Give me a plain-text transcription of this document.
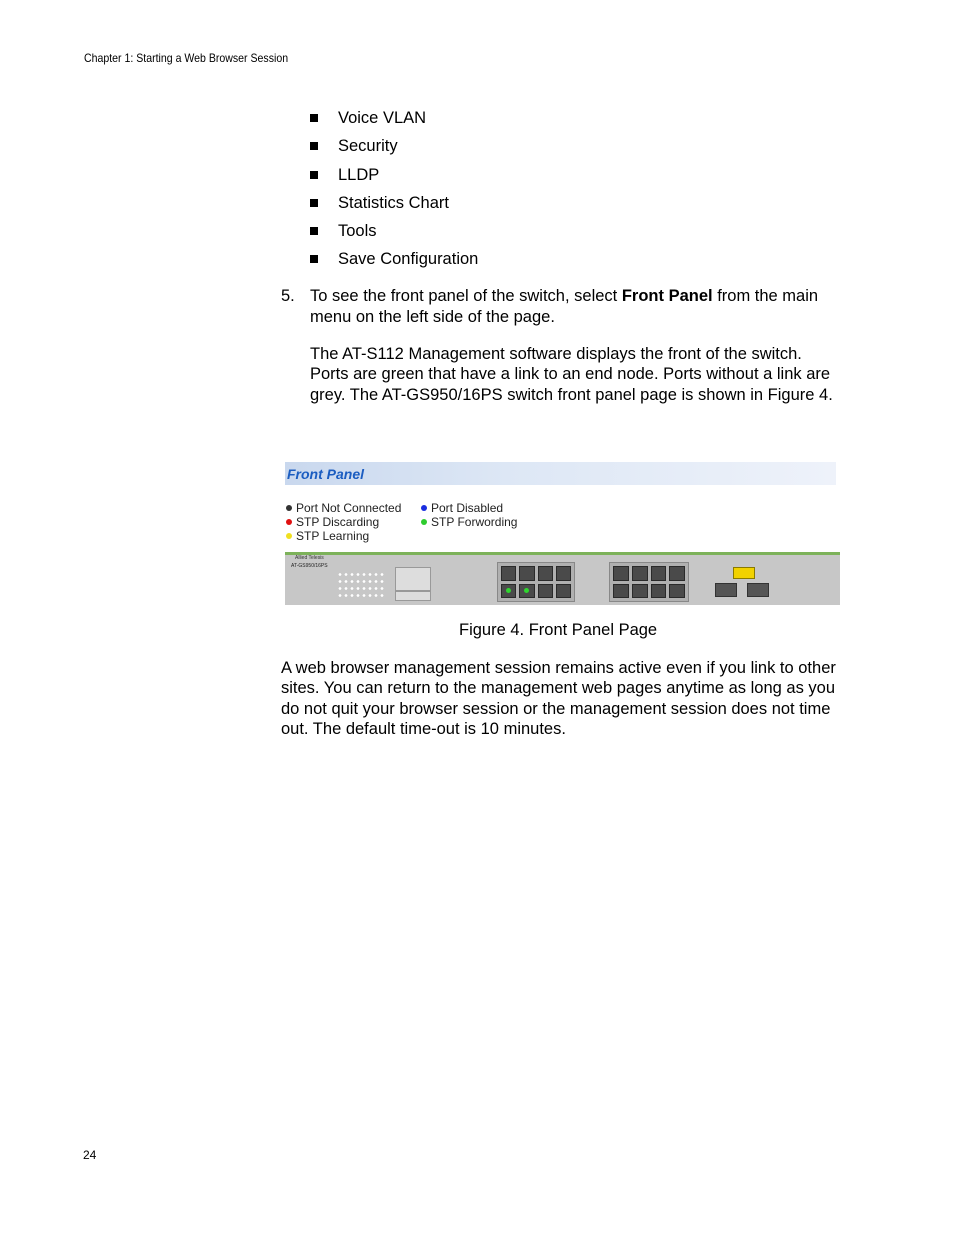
Chapter 1: Starting a Web Browser Session
Voice VLAN
Security
LLDP
Statistics Chart
Tools
Save Configuration
5. To see the front panel of the switch, select Front Panel from the main menu on the left side of the page.
The AT-S112 Management software displays the front of the switch. Ports are green that have a link to an end node. Ports without a link are grey. The AT-GS950/16PS switch front panel page is shown in Figure 4.
Front Panel
Port Not Connected Port Disabled
STP Discarding	STP Forwording
STP Learning
Allied Telesis
AT-GS950/16PS
Figure 4. Front Panel Page
A web browser management session remains active even if you link to other sites. You can return to the management web pages anytime as long as you do not quit your browser session or the management session does not time out. The default time-out is 10 minutes.
24
